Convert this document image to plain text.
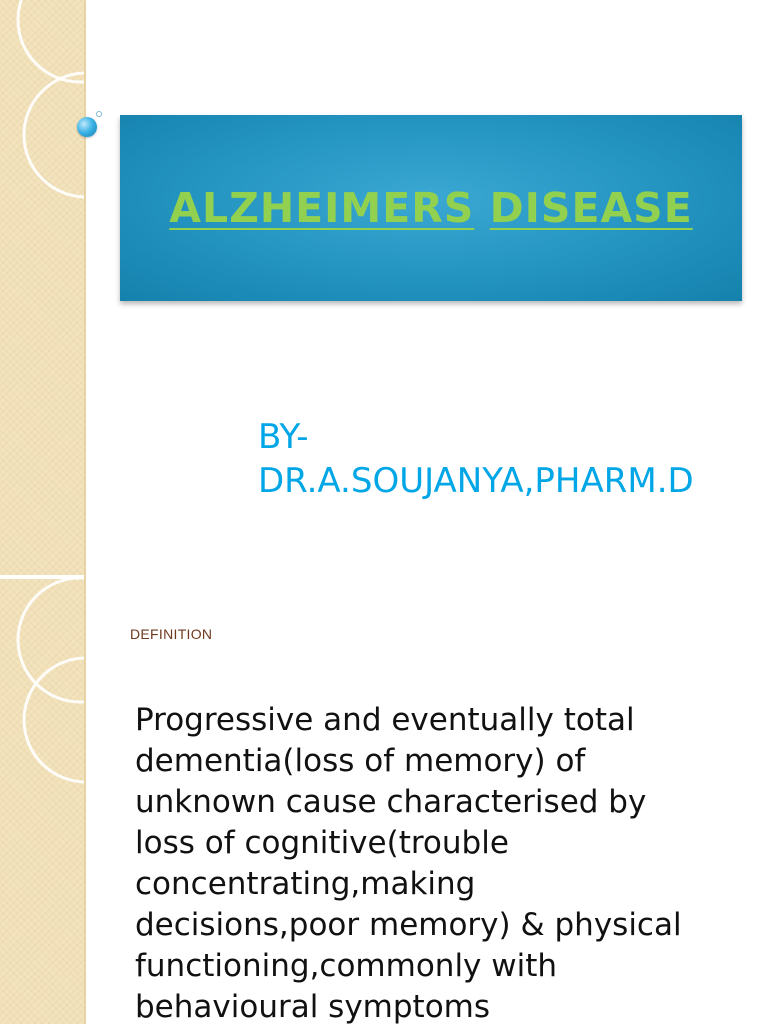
ALZHEIMERS DISEASE
BY-
DR.A.SOUJANYA,PHARM.D
DEFINITION
Progressive and eventually total
dementia(loss of memory) of
unknown cause characterised by
loss of cognitive(trouble
concentrating,making
decisions,poor memory) & physical
functioning,commonly with
behavioural symptoms
